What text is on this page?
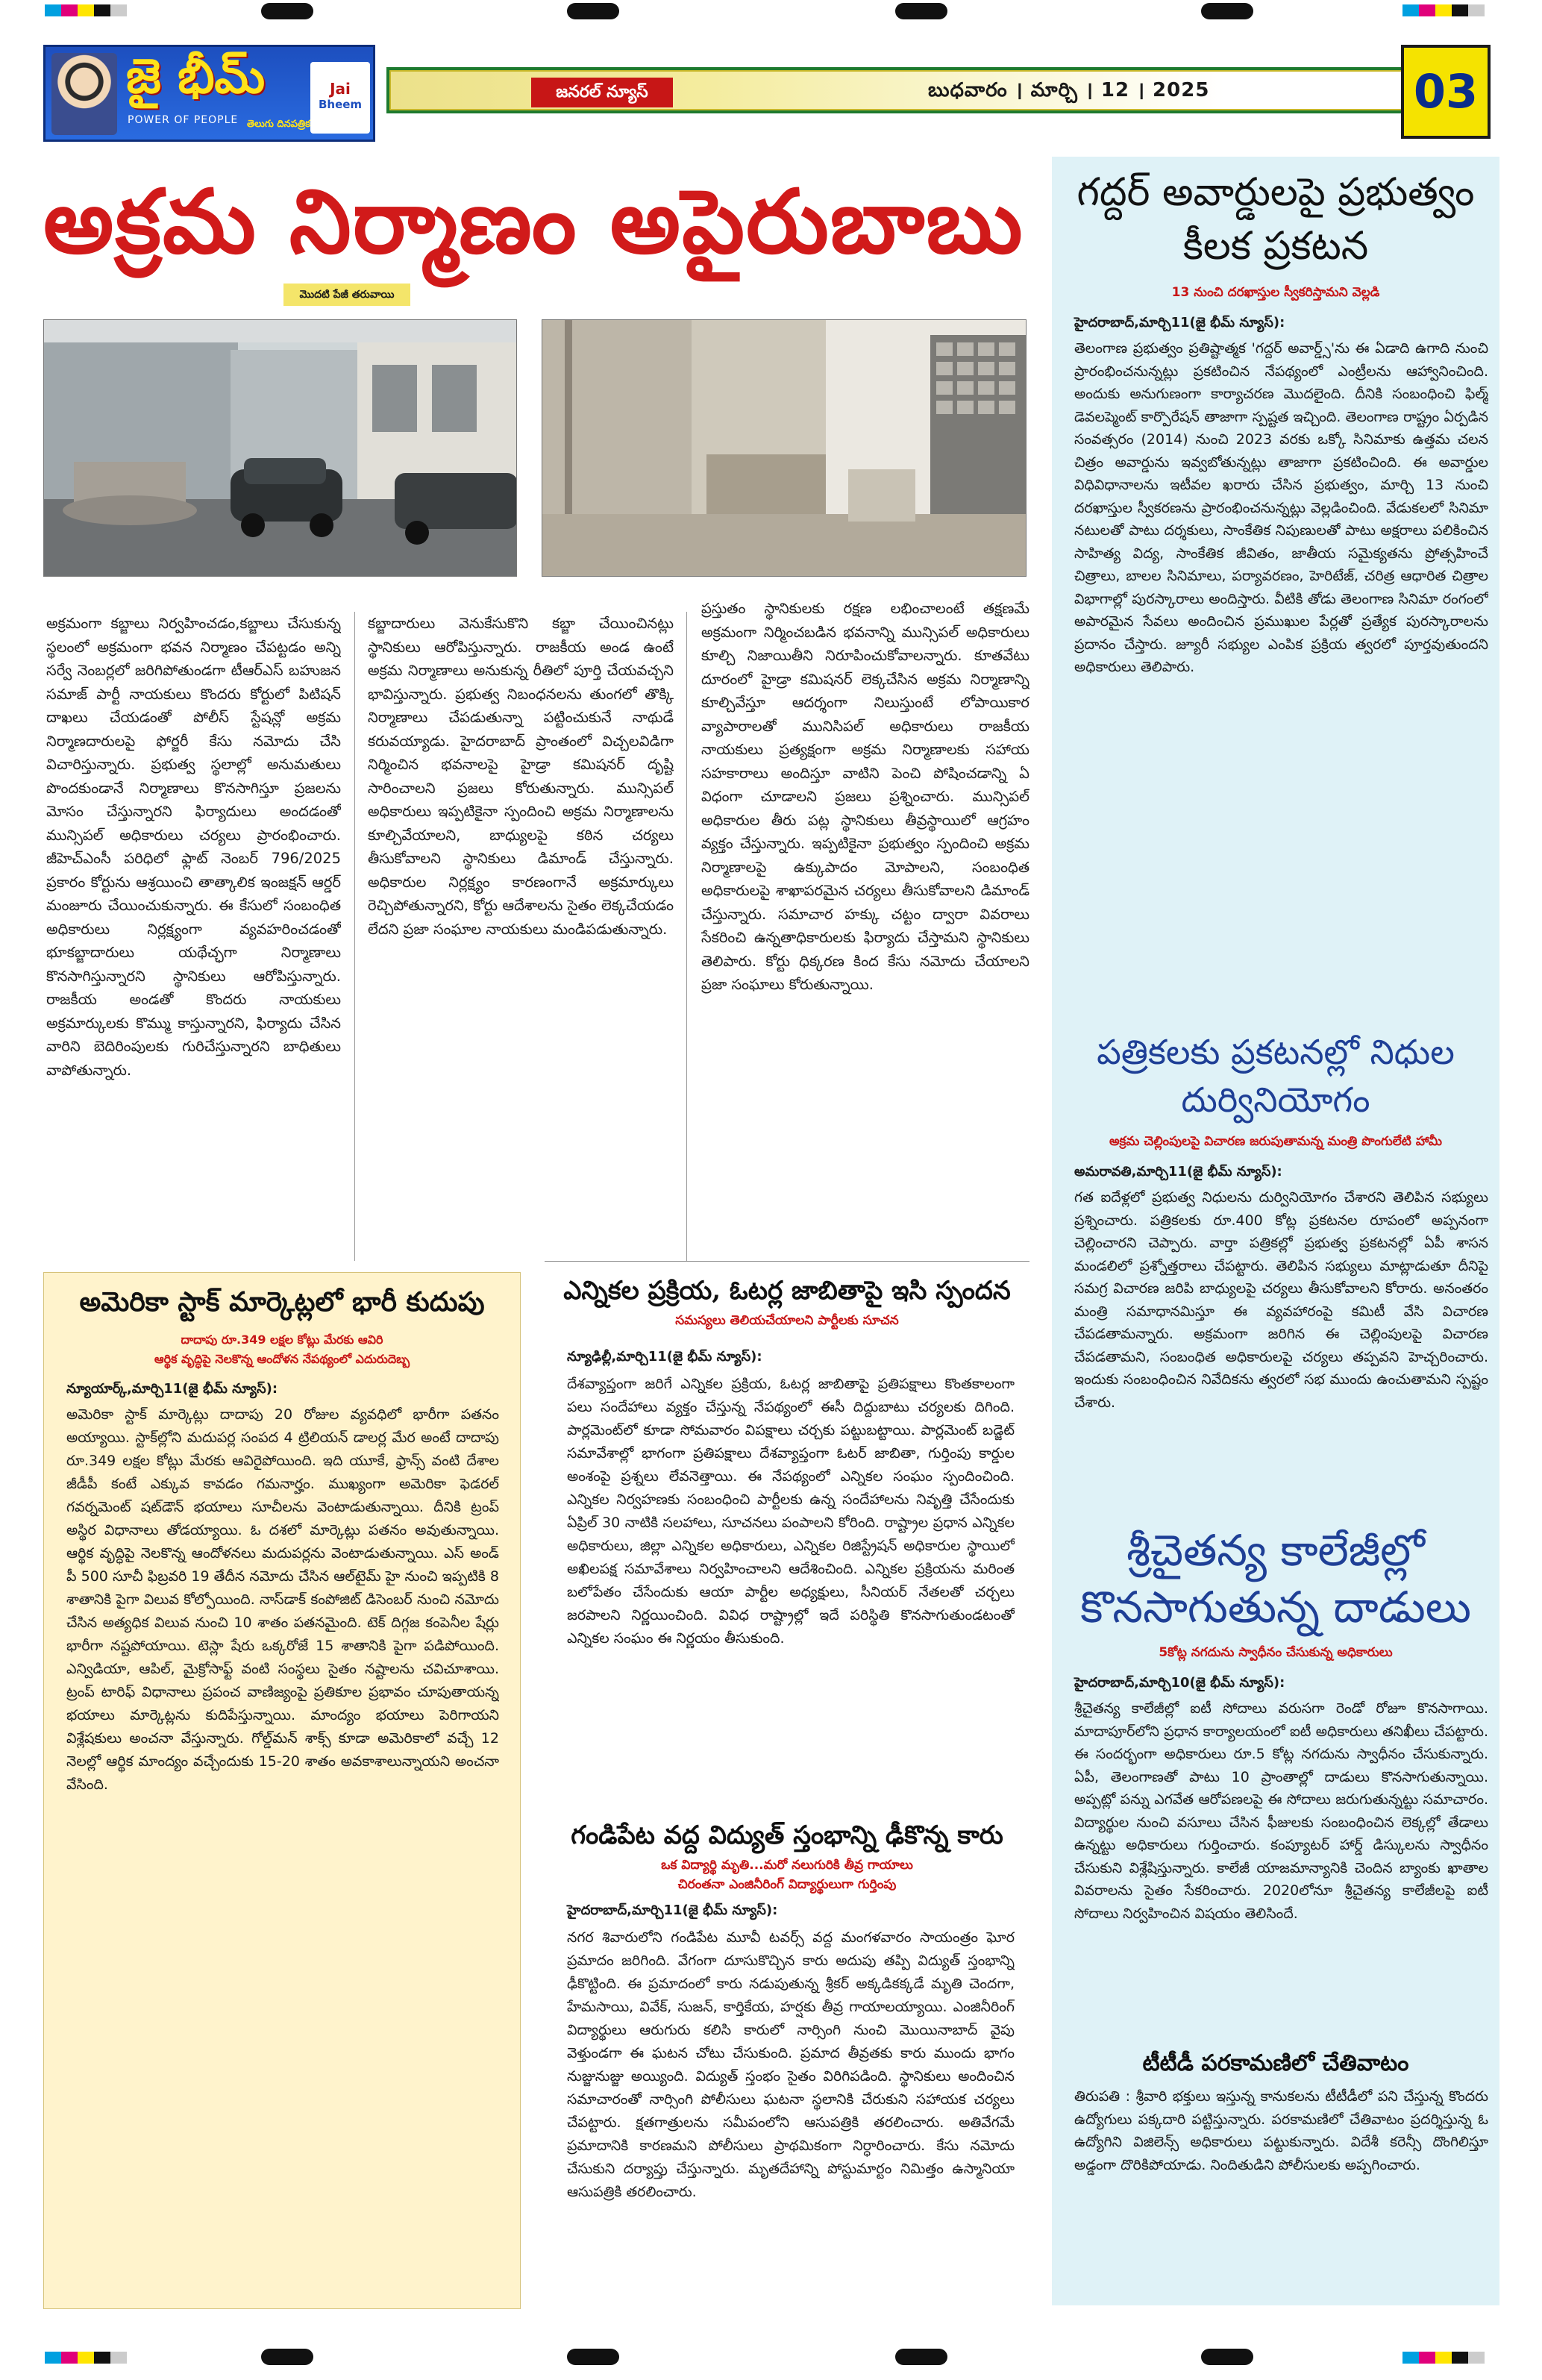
జై భీమ్
POWER OF PEOPLE తెలుగు దినపత్రిక
Jai
Bheem
జనరల్ న్యూస్	బుధవారం । మార్చి । 12 । 2025	03
అక్రమ నిర్మాణం అపైరుబాబు
మొదటి పేజీ తరువాయి
అక్రమంగా కబ్జాలు నిర్వహించడం,కబ్జాలు చేసుకున్న స్థలంలో అక్రమంగా భవన నిర్మాణం చేపట్టడం అన్ని సర్వే నెంబర్లలో జరిగిపోతుండగా టీఆర్ఎస్ బహుజన సమాజ్ పార్టీ నాయకులు కొందరు కోర్టులో పిటిషన్ దాఖలు చేయడంతో పోలీస్ స్టేషన్లో అక్రమ నిర్మాణదారులపై ఫోర్జరీ కేసు నమోదు చేసి విచారిస్తున్నారు. ప్రభుత్వ స్థలాల్లో అనుమతులు పొందకుండానే నిర్మాణాలు కొనసాగిస్తూ ప్రజలను మోసం చేస్తున్నారని ఫిర్యాదులు అందడంతో మున్సిపల్ అధికారులు చర్యలు ప్రారంభించారు. జీహెచ్ఎంసీ పరిధిలో ఫ్లాట్ నెంబర్ 796/2025 ప్రకారం కోర్టును ఆశ్రయించి తాత్కాలిక ఇంజక్షన్ ఆర్డర్ మంజూరు చేయించుకున్నారు. ఈ కేసులో సంబంధిత అధికారులు నిర్లక్ష్యంగా వ్యవహరించడంతో భూకబ్జాదారులు యథేచ్ఛగా నిర్మాణాలు కొనసాగిస్తున్నారని స్థానికులు ఆరోపిస్తున్నారు. రాజకీయ అండతో కొందరు నాయకులు అక్రమార్కులకు కొమ్ము కాస్తున్నారని, ఫిర్యాదు చేసిన వారిని బెదిరింపులకు గురిచేస్తున్నారని బాధితులు వాపోతున్నారు.
కబ్జాదారులు వెనుకేసుకొని కబ్జా చేయించినట్లు స్థానికులు ఆరోపిస్తున్నారు. రాజకీయ అండ ఉంటే అక్రమ నిర్మాణాలు అనుకున్న రీతిలో పూర్తి చేయవచ్చని భావిస్తున్నారు. ప్రభుత్వ నిబంధనలను తుంగలో తొక్కి నిర్మాణాలు చేపడుతున్నా పట్టించుకునే నాథుడే కరువయ్యాడు. హైదరాబాద్ ప్రాంతంలో విచ్చలవిడిగా నిర్మించిన భవనాలపై హైడ్రా కమిషనర్ దృష్టి సారించాలని ప్రజలు కోరుతున్నారు. మున్సిపల్ అధికారులు ఇప్పటికైనా స్పందించి అక్రమ నిర్మాణాలను కూల్చివేయాలని, బాధ్యులపై కఠిన చర్యలు తీసుకోవాలని స్థానికులు డిమాండ్ చేస్తున్నారు. అధికారుల నిర్లక్ష్యం కారణంగానే అక్రమార్కులు రెచ్చిపోతున్నారని, కోర్టు ఆదేశాలను సైతం లెక్కచేయడం లేదని ప్రజా సంఘాల నాయకులు మండిపడుతున్నారు.
ప్రస్తుతం స్థానికులకు రక్షణ లభించాలంటే తక్షణమే అక్రమంగా నిర్మించబడిన భవనాన్ని మున్సిపల్ అధికారులు కూల్చి నిజాయితీని నిరూపించుకోవాలన్నారు. కూతవేటు దూరంలో హైడ్రా కమిషనర్ లెక్కచేసిన అక్రమ నిర్మాణాన్ని కూల్చివేస్తూ ఆదర్శంగా నిలుస్తుంటే లోపాయికార వ్యాపారాలతో మునిసిపల్ అధికారులు రాజకీయ నాయకులు ప్రత్యక్షంగా అక్రమ నిర్మాణాలకు సహాయ సహకారాలు అందిస్తూ వాటిని పెంచి పోషించడాన్ని ఏ విధంగా చూడాలని ప్రజలు ప్రశ్నించారు. మున్సిపల్ అధికారుల తీరు పట్ల స్థానికులు తీవ్రస్థాయిలో ఆగ్రహం వ్యక్తం చేస్తున్నారు. ఇప్పటికైనా ప్రభుత్వం స్పందించి అక్రమ నిర్మాణాలపై ఉక్కుపాదం మోపాలని, సంబంధిత అధికారులపై శాఖాపరమైన చర్యలు తీసుకోవాలని డిమాండ్ చేస్తున్నారు. సమాచార హక్కు చట్టం ద్వారా వివరాలు సేకరించి ఉన్నతాధికారులకు ఫిర్యాదు చేస్తామని స్థానికులు తెలిపారు. కోర్టు ధిక్కరణ కింద కేసు నమోదు చేయాలని ప్రజా సంఘాలు కోరుతున్నాయి.
గద్దర్ అవార్డులపై ప్రభుత్వం కీలక ప్రకటన
13 నుంచి దరఖాస్తుల స్వీకరిస్తామని వెల్లడి
హైదరాబాద్,మార్చి11(జై భీమ్ న్యూస్):
తెలంగాణ ప్రభుత్వం ప్రతిష్టాత్మక 'గద్దర్ అవార్డ్స్'ను ఈ ఏడాది ఉగాది నుంచి ప్రారంభించనున్నట్లు ప్రకటించిన నేపథ్యంలో ఎంట్రీలను ఆహ్వానించింది. అందుకు అనుగుణంగా కార్యాచరణ మొదలైంది. దీనికి సంబంధించి ఫిల్మ్ డెవలప్మెంట్ కార్పొరేషన్ తాజాగా స్పష్టత ఇచ్చింది. తెలంగాణ రాష్ట్రం ఏర్పడిన సంవత్సరం (2014) నుంచి 2023 వరకు ఒక్కో సినిమాకు ఉత్తమ చలన చిత్రం అవార్డును ఇవ్వబోతున్నట్లు తాజాగా ప్రకటించింది. ఈ అవార్డుల విధివిధానాలను ఇటీవల ఖరారు చేసిన ప్రభుత్వం, మార్చి 13 నుంచి దరఖాస్తుల స్వీకరణను ప్రారంభించనున్నట్లు వెల్లడించింది. వేడుకలలో సినిమా నటులతో పాటు దర్శకులు, సాంకేతిక నిపుణులతో పాటు అక్షరాలు పలికించిన సాహిత్య విద్య, సాంకేతిక జీవితం, జాతీయ సమైక్యతను ప్రోత్సహించే చిత్రాలు, బాలల సినిమాలు, పర్యావరణం, హెరిటేజ్, చరిత్ర ఆధారిత చిత్రాల విభాగాల్లో పురస్కారాలు అందిస్తారు. వీటికి తోడు తెలంగాణ సినిమా రంగంలో అపారమైన సేవలు అందించిన ప్రముఖుల పేర్లతో ప్రత్యేక పురస్కారాలను ప్రదానం చేస్తారు. జ్యూరీ సభ్యుల ఎంపిక ప్రక్రియ త్వరలో పూర్తవుతుందని అధికారులు తెలిపారు.
పత్రికలకు ప్రకటనల్లో నిధుల దుర్వినియోగం
అక్రమ చెల్లింపులపై విచారణ జరుపుతామన్న మంత్రి పొంగులేటి హామీ
అమరావతి,మార్చి11(జై భీమ్ న్యూస్):
గత ఐదేళ్లలో ప్రభుత్వ నిధులను దుర్వినియోగం చేశారని తెలిపిన సభ్యులు ప్రశ్నించారు. పత్రికలకు రూ.400 కోట్ల ప్రకటనల రూపంలో అప్పనంగా చెల్లించారని చెప్పారు. వార్తా పత్రికల్లో ప్రభుత్వ ప్రకటనల్లో ఏపీ శాసన మండలిలో ప్రశ్నోత్తరాలు చేపట్టారు. తెలిపిన సభ్యులు మాట్లాడుతూ దీనిపై సమగ్ర విచారణ జరిపి బాధ్యులపై చర్యలు తీసుకోవాలని కోరారు. అనంతరం మంత్రి సమాధానమిస్తూ ఈ వ్యవహారంపై కమిటీ వేసి విచారణ చేపడతామన్నారు. అక్రమంగా జరిగిన ఈ చెల్లింపులపై విచారణ చేపడతామని, సంబంధిత అధికారులపై చర్యలు తప్పవని హెచ్చరించారు. ఇందుకు సంబంధించిన నివేదికను త్వరలో సభ ముందు ఉంచుతామని స్పష్టం చేశారు.
శ్రీచైతన్య కాలేజీల్లో కొనసాగుతున్న దాడులు
5కోట్ల నగదును స్వాధీనం చేసుకున్న అధికారులు
హైదరాబాద్,మార్చి10(జై భీమ్ న్యూస్):
శ్రీచైతన్య కాలేజీల్లో ఐటీ సోదాలు వరుసగా రెండో రోజూ కొనసాగాయి. మాదాపూర్‌లోని ప్రధాన కార్యాలయంలో ఐటీ అధికారులు తనిఖీలు చేపట్టారు. ఈ సందర్భంగా అధికారులు రూ.5 కోట్ల నగదును స్వాధీనం చేసుకున్నారు. ఏపీ, తెలంగాణతో పాటు 10 ప్రాంతాల్లో దాడులు కొనసాగుతున్నాయి. అప్పట్లో పన్ను ఎగవేత ఆరోపణలపై ఈ సోదాలు జరుగుతున్నట్టు సమాచారం. విద్యార్థుల నుంచి వసూలు చేసిన ఫీజులకు సంబంధించిన లెక్కల్లో తేడాలు ఉన్నట్టు అధికారులు గుర్తించారు. కంప్యూటర్ హార్డ్ డిస్కులను స్వాధీనం చేసుకుని విశ్లేషిస్తున్నారు. కాలేజీ యాజమాన్యానికి చెందిన బ్యాంకు ఖాతాల వివరాలను సైతం సేకరించారు. 2020లోనూ శ్రీచైతన్య కాలేజీలపై ఐటీ సోదాలు నిర్వహించిన విషయం తెలిసిందే.
టీటీడీ పరకామణిలో చేతివాటం
తిరుపతి : శ్రీవారి భక్తులు ఇస్తున్న కానుకలను టీటీడీలో పని చేస్తున్న కొందరు ఉద్యోగులు పక్కదారి పట్టిస్తున్నారు. పరకామణిలో చేతివాటం ప్రదర్శిస్తున్న ఓ ఉద్యోగిని విజిలెన్స్ అధికారులు పట్టుకున్నారు. విదేశీ కరెన్సీ దొంగిలిస్తూ అడ్డంగా దొరికిపోయాడు. నిందితుడిని పోలీసులకు అప్పగించారు.
అమెరికా స్టాక్ మార్కెట్లలో భారీ కుదుపు
దాదాపు రూ.349 లక్షల కోట్లు మేరకు ఆవిరి
ఆర్థిక వృద్ధిపై నెలకొన్న ఆందోళన నేపథ్యంలో ఎదురుదెబ్బ
న్యూయార్క్,మార్చి11(జై భీమ్ న్యూస్):
అమెరికా స్టాక్ మార్కెట్లు దాదాపు 20 రోజుల వ్యవధిలో భారీగా పతనం అయ్యాయి. స్టాక్‌ల్లోని మదుపర్ల సంపద 4 ట్రిలియన్ డాలర్ల మేర అంటే దాదాపు రూ.349 లక్షల కోట్లు మేరకు ఆవిరైపోయింది. ఇది యూకే, ఫ్రాన్స్ వంటి దేశాల జీడీపీ కంటే ఎక్కువ కావడం గమనార్హం. ముఖ్యంగా అమెరికా ఫెడరల్ గవర్నమెంట్ షట్‌డౌన్ భయాలు సూచీలను వెంటాడుతున్నాయి. దీనికి ట్రంప్ అస్థిర విధానాలు తోడయ్యాయి. ఓ దశలో మార్కెట్లు పతనం అవుతున్నాయి. ఆర్థిక వృద్ధిపై నెలకొన్న ఆందోళనలు మదుపర్లను వెంటాడుతున్నాయి. ఎస్ అండ్ పీ 500 సూచీ ఫిబ్రవరి 19 తేదీన నమోదు చేసిన ఆల్‌టైమ్ హై నుంచి ఇప్పటికి 8 శాతానికి పైగా విలువ కోల్పోయింది. నాస్‌డాక్ కంపోజిట్ డిసెంబర్ నుంచి నమోదు చేసిన అత్యధిక విలువ నుంచి 10 శాతం పతనమైంది. టెక్ దిగ్గజ కంపెనీల షేర్లు భారీగా నష్టపోయాయి. టెస్లా షేరు ఒక్కరోజే 15 శాతానికి పైగా పడిపోయింది. ఎన్విడియా, ఆపిల్, మైక్రోసాఫ్ట్ వంటి సంస్థలు సైతం నష్టాలను చవిచూశాయి. ట్రంప్ టారిఫ్ విధానాలు ప్రపంచ వాణిజ్యంపై ప్రతికూల ప్రభావం చూపుతాయన్న భయాలు మార్కెట్లను కుదిపేస్తున్నాయి. మాంద్యం భయాలు పెరిగాయని విశ్లేషకులు అంచనా వేస్తున్నారు. గోల్డ్‌మన్ శాక్స్ కూడా అమెరికాలో వచ్చే 12 నెలల్లో ఆర్థిక మాంద్యం వచ్చేందుకు 15-20 శాతం అవకాశాలున్నాయని అంచనా వేసింది.
ఎన్నికల ప్రక్రియ, ఓటర్ల జాబితాపై ఇసి స్పందన
సమస్యలు తెలియచేయాలని పార్టీలకు సూచన
న్యూఢిల్లీ,మార్చి11(జై భీమ్ న్యూస్):
దేశవ్యాప్తంగా జరిగే ఎన్నికల ప్రక్రియ, ఓటర్ల జాబితాపై ప్రతిపక్షాలు కొంతకాలంగా పలు సందేహాలు వ్యక్తం చేస్తున్న నేపథ్యంలో ఈసీ దిద్దుబాటు చర్యలకు దిగింది. పార్లమెంట్‌లో కూడా సోమవారం విపక్షాలు చర్చకు పట్టుబట్టాయి. పార్లమెంట్ బడ్జెట్ సమావేశాల్లో భాగంగా ప్రతిపక్షాలు దేశవ్యాప్తంగా ఓటర్ జాబితా, గుర్తింపు కార్డుల అంశంపై ప్రశ్నలు లేవనెత్తాయి. ఈ నేపథ్యంలో ఎన్నికల సంఘం స్పందించింది. ఎన్నికల నిర్వహణకు సంబంధించి పార్టీలకు ఉన్న సందేహాలను నివృత్తి చేసేందుకు ఏప్రిల్ 30 నాటికి సలహాలు, సూచనలు పంపాలని కోరింది. రాష్ట్రాల ప్రధాన ఎన్నికల అధికారులు, జిల్లా ఎన్నికల అధికారులు, ఎన్నికల రిజిస్ట్రేషన్ అధికారుల స్థాయిలో అఖిలపక్ష సమావేశాలు నిర్వహించాలని ఆదేశించింది. ఎన్నికల ప్రక్రియను మరింత బలోపేతం చేసేందుకు ఆయా పార్టీల అధ్యక్షులు, సీనియర్ నేతలతో చర్చలు జరపాలని నిర్ణయించింది. వివిధ రాష్ట్రాల్లో ఇదే పరిస్థితి కొనసాగుతుండటంతో ఎన్నికల సంఘం ఈ నిర్ణయం తీసుకుంది.
గండిపేట వద్ద విద్యుత్ స్తంభాన్ని ఢీకొన్న కారు
ఒక విద్యార్థి మృతి...మరో నలుగురికి తీవ్ర గాయాలు
చిరంతనా ఎంజినీరింగ్ విద్యార్థులుగా గుర్తింపు
హైదరాబాద్,మార్చి11(జై భీమ్ న్యూస్):
నగర శివారులోని గండిపేట మూవీ టవర్స్ వద్ద మంగళవారం సాయంత్రం ఘోర ప్రమాదం జరిగింది. వేగంగా దూసుకొచ్చిన కారు అదుపు తప్పి విద్యుత్ స్తంభాన్ని ఢీకొట్టింది. ఈ ప్రమాదంలో కారు నడుపుతున్న శ్రీకర్ అక్కడికక్కడే మృతి చెందగా, హేమసాయి, వివేక్, సుజన్, కార్తికేయ, హర్షకు తీవ్ర గాయాలయ్యాయి. ఎంజినీరింగ్ విద్యార్థులు ఆరుగురు కలిసి కారులో నార్సింగి నుంచి మొయినాబాద్ వైపు వెళ్తుండగా ఈ ఘటన చోటు చేసుకుంది. ప్రమాద తీవ్రతకు కారు ముందు భాగం నుజ్జునుజ్జు అయ్యింది. విద్యుత్ స్తంభం సైతం విరిగిపడింది. స్థానికులు అందించిన సమాచారంతో నార్సింగి పోలీసులు ఘటనా స్థలానికి చేరుకుని సహాయక చర్యలు చేపట్టారు. క్షతగాత్రులను సమీపంలోని ఆసుపత్రికి తరలించారు. అతివేగమే ప్రమాదానికి కారణమని పోలీసులు ప్రాథమికంగా నిర్ధారించారు. కేసు నమోదు చేసుకుని దర్యాప్తు చేస్తున్నారు. మృతదేహాన్ని పోస్టుమార్టం నిమిత్తం ఉస్మానియా ఆసుపత్రికి తరలించారు.
